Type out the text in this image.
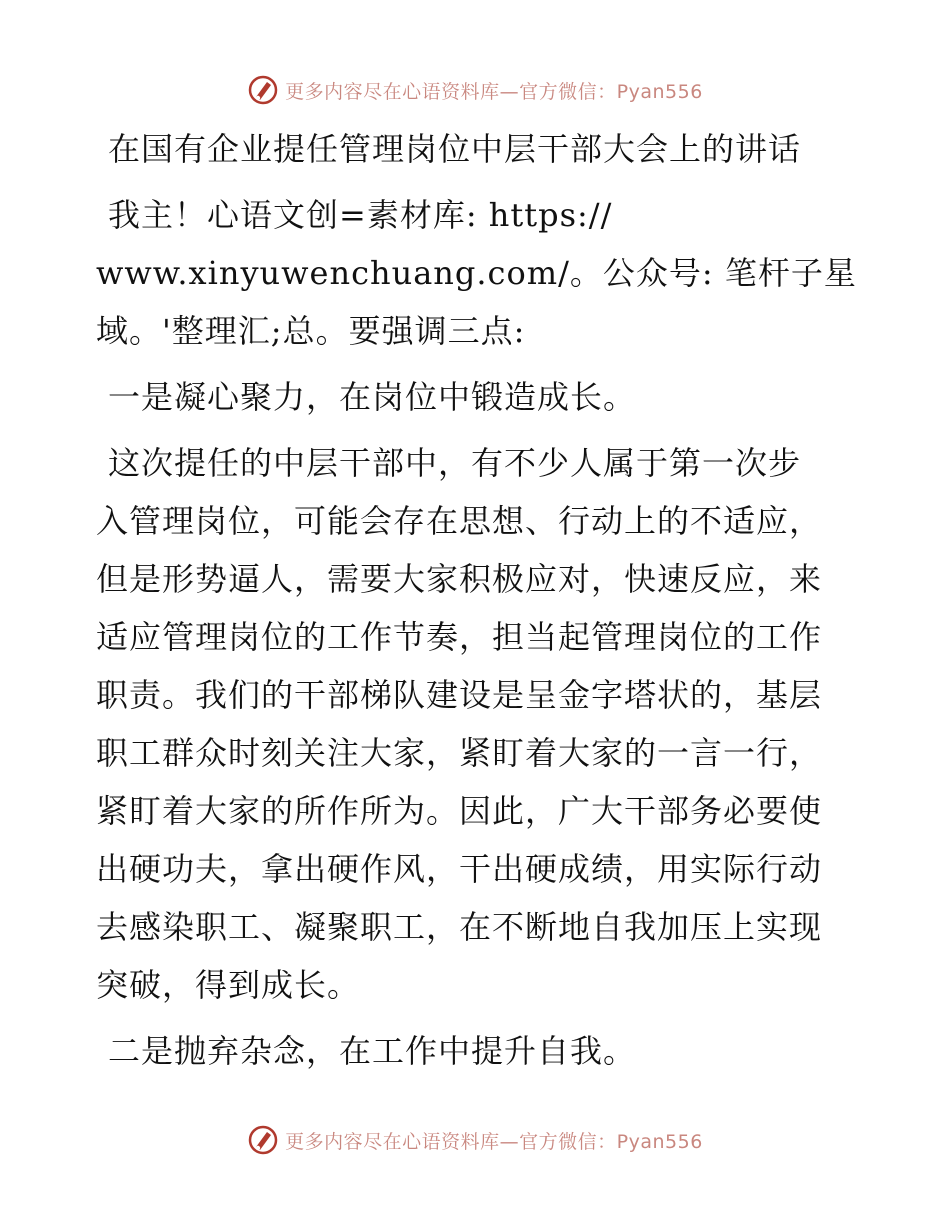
更多内容尽在心语资料库—官方微信：Pyan556
在国有企业提任管理岗位中层干部大会上的讲话
我主！心语文创=素材库: https://
www.xinyuwenchuang.com/。公众号: 笔杆子星
域。'整理汇;总。要强调三点:
一是凝心聚力，在岗位中锻造成长。
这次提任的中层干部中，有不少人属于第一次步
入管理岗位，可能会存在思想、行动上的不适应，
但是形势逼人，需要大家积极应对，快速反应，来
适应管理岗位的工作节奏，担当起管理岗位的工作
职责。我们的干部梯队建设是呈金字塔状的，基层
职工群众时刻关注大家，紧盯着大家的一言一行，
紧盯着大家的所作所为。因此，广大干部务必要使
出硬功夫，拿出硬作风，干出硬成绩，用实际行动
去感染职工、凝聚职工，在不断地自我加压上实现
突破，得到成长。
二是抛弃杂念，在工作中提升自我。
更多内容尽在心语资料库—官方微信：Pyan556
